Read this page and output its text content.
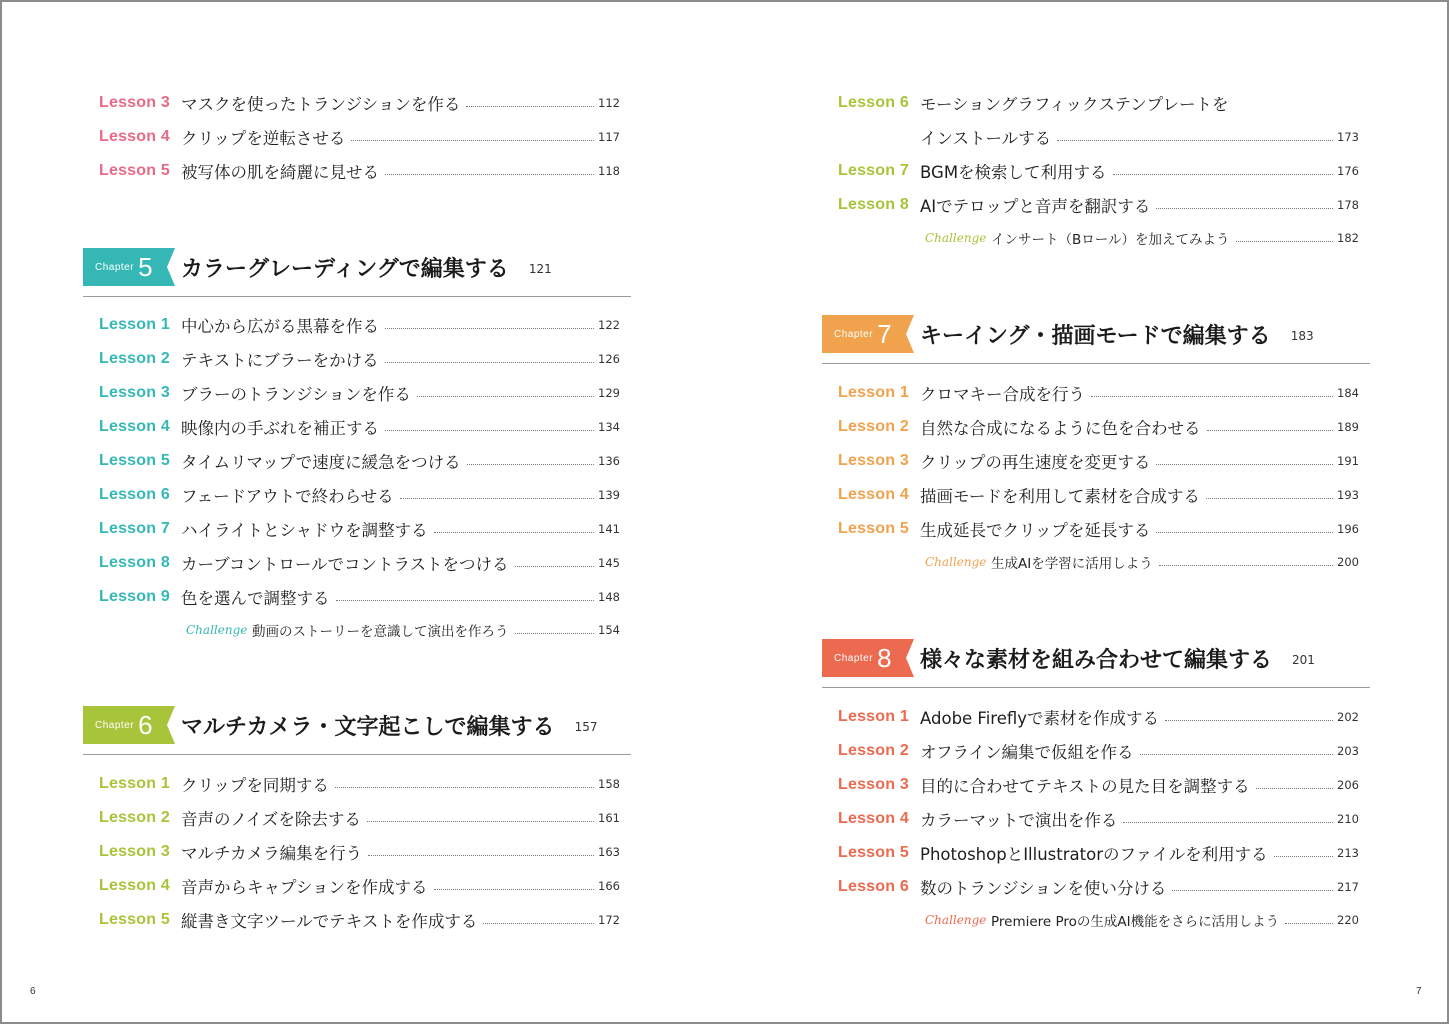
Lesson 3 マスクを使ったトランジションを作る	112
Lesson 4 クリップを逆転させる	117
Lesson 5 被写体の肌を綺麗に見せる	118
Chapter 5 カラーグレーディングで編集する 121
Lesson 1 中心から広がる黒幕を作る	122
Lesson 2 テキストにブラーをかける	126
Lesson 3 ブラーのトランジションを作る	129
Lesson 4 映像内の手ぶれを補正する	134
Lesson 5 タイムリマップで速度に緩急をつける	136
Lesson 6 フェードアウトで終わらせる	139
Lesson 7 ハイライトとシャドウを調整する	141
Lesson 8 カーブコントロールでコントラストをつける	145
Lesson 9 色を選んで調整する	148
Challenge 動画のストーリーを意識して演出を作ろう	154
Chapter 6 マルチカメラ・文字起こしで編集する 157
Lesson 1 クリップを同期する	158
Lesson 2 音声のノイズを除去する	161
Lesson 3 マルチカメラ編集を行う	163
Lesson 4 音声からキャプションを作成する	166
Lesson 5 縦書き文字ツールでテキストを作成する	172
6
Lesson 6 モーショングラフィックステンプレートを
インストールする	173
Lesson 7 BGMを検索して利用する	176
Lesson 8 AIでテロップと音声を翻訳する	178
Challenge インサート（Bロール）を加えてみよう	182
Chapter 7 キーイング・描画モードで編集する 183
Lesson 1 クロマキー合成を行う	184
Lesson 2 自然な合成になるように色を合わせる	189
Lesson 3 クリップの再生速度を変更する	191
Lesson 4 描画モードを利用して素材を合成する	193
Lesson 5 生成延長でクリップを延長する	196
Challenge 生成AIを学習に活用しよう	200
Chapter 8 様々な素材を組み合わせて編集する 201
Lesson 1 Adobe Fireflyで素材を作成する	202
Lesson 2 オフライン編集で仮組を作る	203
Lesson 3 目的に合わせてテキストの見た目を調整する	206
Lesson 4 カラーマットで演出を作る	210
Lesson 5 PhotoshopとIllustratorのファイルを利用する	213
Lesson 6 数のトランジションを使い分ける	217
Challenge Premiere Proの生成AI機能をさらに活用しよう	220
7
